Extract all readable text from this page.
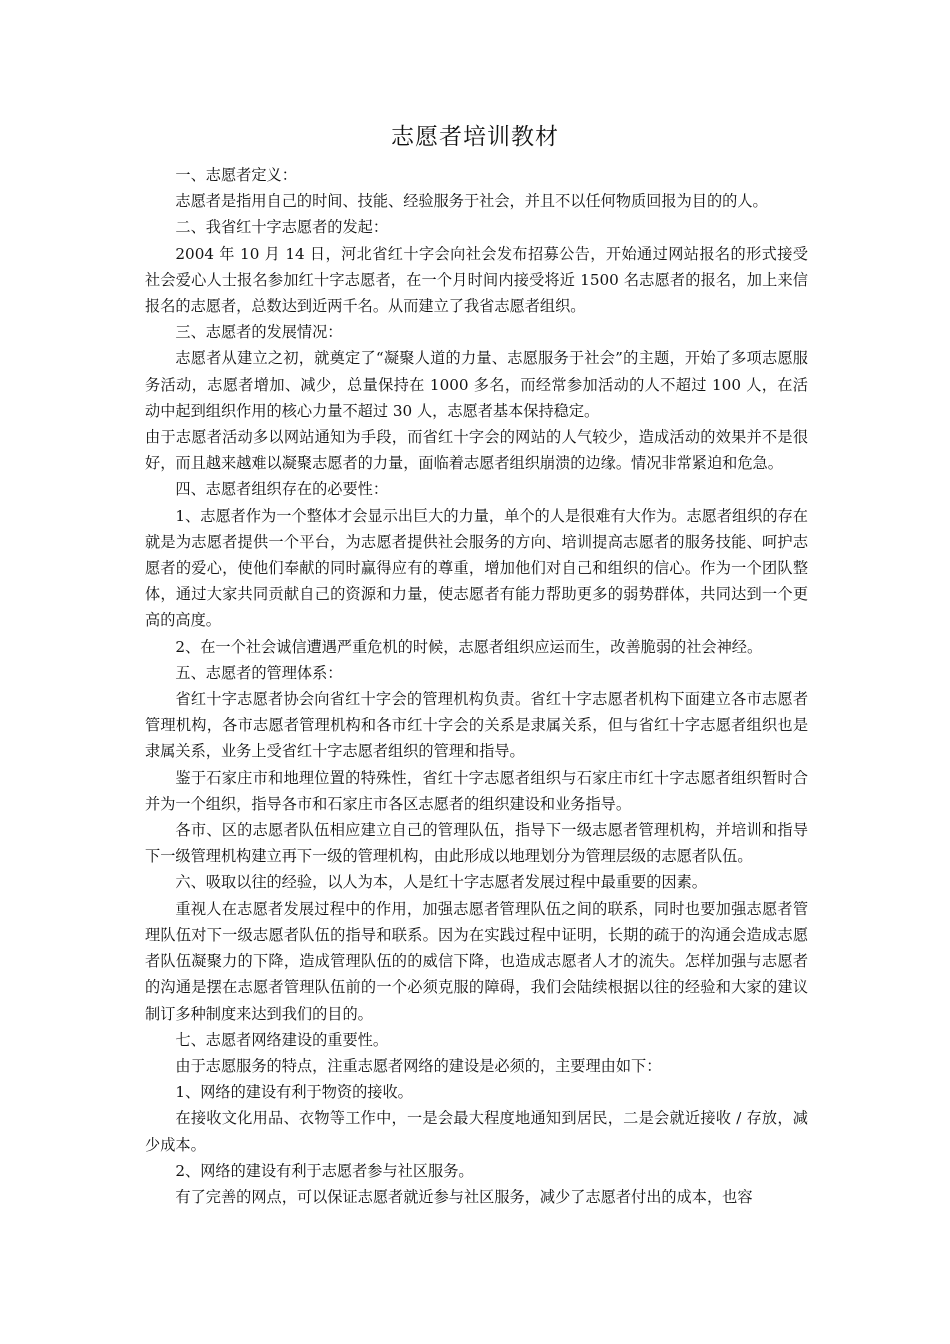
志愿者培训教材

一、志愿者定义：

志愿者是指用自己的时间、技能、经验服务于社会，并且不以任何物质回报为目的的人。

二、我省红十字志愿者的发起：

2004 年 10 月 14 日，河北省红十字会向社会发布招募公告，开始通过网站报名的形式接受社会爱心人士报名参加红十字志愿者，在一个月时间内接受将近 1500 名志愿者的报名，加上来信报名的志愿者，总数达到近两千名。从而建立了我省志愿者组织。

三、志愿者的发展情况：

志愿者从建立之初，就奠定了“凝聚人道的力量、志愿服务于社会”的主题，开始了多项志愿服务活动，志愿者增加、减少，总量保持在 1000 多名，而经常参加活动的人不超过 100 人，在活动中起到组织作用的核心力量不超过 30 人，志愿者基本保持稳定。

由于志愿者活动多以网站通知为手段，而省红十字会的网站的人气较少，造成活动的效果并不是很好，而且越来越难以凝聚志愿者的力量，面临着志愿者组织崩溃的边缘。情况非常紧迫和危急。

四、志愿者组织存在的必要性：

1、志愿者作为一个整体才会显示出巨大的力量，单个的人是很难有大作为。志愿者组织的存在就是为志愿者提供一个平台，为志愿者提供社会服务的方向、培训提高志愿者的服务技能、呵护志愿者的爱心，使他们奉献的同时赢得应有的尊重，增加他们对自己和组织的信心。作为一个团队整体，通过大家共同贡献自己的资源和力量，使志愿者有能力帮助更多的弱势群体，共同达到一个更高的高度。

2、在一个社会诚信遭遇严重危机的时候，志愿者组织应运而生，改善脆弱的社会神经。

五、志愿者的管理体系：

省红十字志愿者协会向省红十字会的管理机构负责。省红十字志愿者机构下面建立各市志愿者管理机构，各市志愿者管理机构和各市红十字会的关系是隶属关系，但与省红十字志愿者组织也是隶属关系，业务上受省红十字志愿者组织的管理和指导。

鉴于石家庄市和地理位置的特殊性，省红十字志愿者组织与石家庄市红十字志愿者组织暂时合并为一个组织，指导各市和石家庄市各区志愿者的组织建设和业务指导。

各市、区的志愿者队伍相应建立自己的管理队伍，指导下一级志愿者管理机构，并培训和指导下一级管理机构建立再下一级的管理机构，由此形成以地理划分为管理层级的志愿者队伍。

六、吸取以往的经验，以人为本，人是红十字志愿者发展过程中最重要的因素。

重视人在志愿者发展过程中的作用，加强志愿者管理队伍之间的联系，同时也要加强志愿者管理队伍对下一级志愿者队伍的指导和联系。因为在实践过程中证明，长期的疏于的沟通会造成志愿者队伍凝聚力的下降，造成管理队伍的的威信下降，也造成志愿者人才的流失。怎样加强与志愿者的沟通是摆在志愿者管理队伍前的一个必须克服的障碍，我们会陆续根据以往的经验和大家的建议制订多种制度来达到我们的目的。

七、志愿者网络建设的重要性。

由于志愿服务的特点，注重志愿者网络的建设是必须的，主要理由如下：

1、网络的建设有利于物资的接收。

在接收文化用品、衣物等工作中，一是会最大程度地通知到居民，二是会就近接收 / 存放，减少成本。

2、网络的建设有利于志愿者参与社区服务。

有了完善的网点，可以保证志愿者就近参与社区服务，减少了志愿者付出的成本，也容
